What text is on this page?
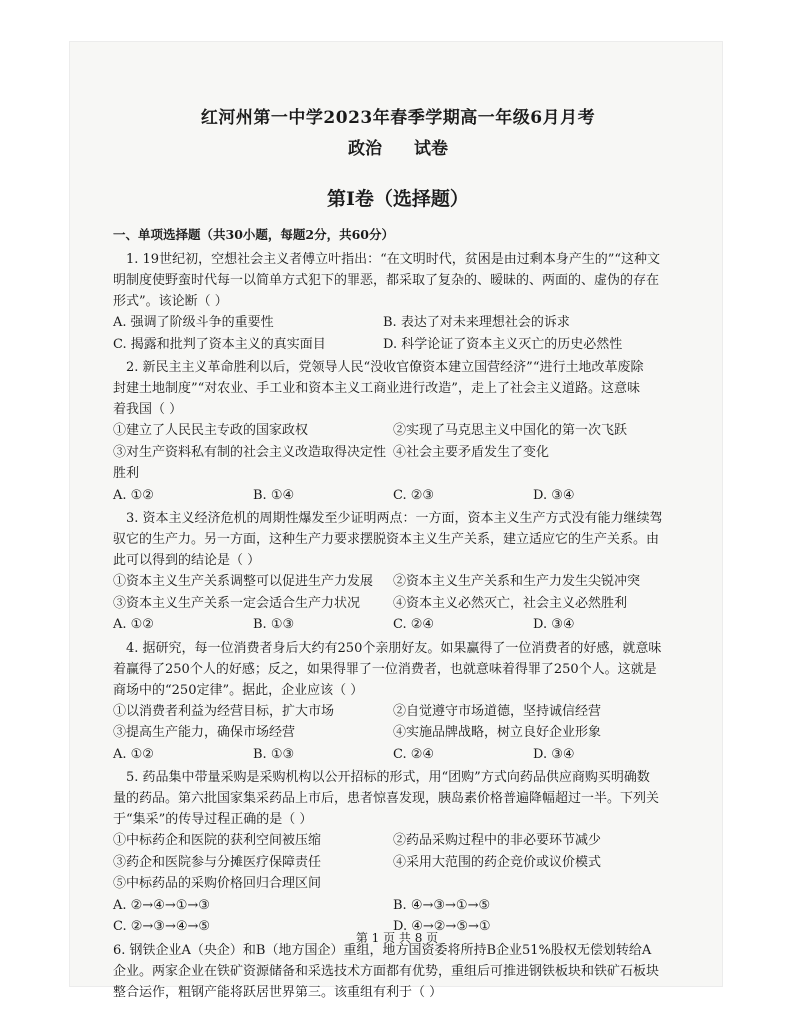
红河州第一中学2023年春季学期高一年级6月月考
政治 试卷
第Ⅰ卷（选择题）
一、单项选择题（共30小题，每题2分，共60分）

1. 19世纪初，空想社会主义者傅立叶指出：“在文明时代，贫困是由过剩本身产生的”“这种文

明制度使野蛮时代每一以简单方式犯下的罪恶，都采取了复杂的、暧昧的、两面的、虚伪的存在

形式”。该论断（ ）

A. 强调了阶级斗争的重要性	B. 表达了对未来理想社会的诉求
C. 揭露和批判了资本主义的真实面目	D. 科学论证了资本主义灭亡的历史必然性

2. 新民主主义革命胜利以后，党领导人民“没收官僚资本建立国营经济”“进行土地改革废除

封建土地制度”“对农业、手工业和资本主义工商业进行改造”，走上了社会主义道路。这意味

着我国（ ）

①建立了人民民主专政的国家政权	②实现了马克思主义中国化的第一次飞跃
③对生产资料私有制的社会主义改造取得决定性胜利
④社会主要矛盾发生了变化
A. ①②	B. ①④	C. ②③	D. ③④

3. 资本主义经济危机的周期性爆发至少证明两点：一方面，资本主义生产方式没有能力继续驾

驭它的生产力。另一方面，这种生产力要求摆脱资本主义生产关系，建立适应它的生产关系。由

此可以得到的结论是（ ）

①资本主义生产关系调整可以促进生产力发展	②资本主义生产关系和生产力发生尖锐冲突
③资本主义生产关系一定会适合生产力状况	④资本主义必然灭亡，社会主义必然胜利
A. ①②	B. ①③	C. ②④	D. ③④

4. 据研究，每一位消费者身后大约有250个亲朋好友。如果赢得了一位消费者的好感，就意味

着赢得了250个人的好感；反之，如果得罪了一位消费者，也就意味着得罪了250个人。这就是

商场中的“250定律”。据此，企业应该（ ）

①以消费者利益为经营目标，扩大市场	②自觉遵守市场道德，坚持诚信经营
③提高生产能力，确保市场经营	④实施品牌战略，树立良好企业形象
A. ①②	B. ①③	C. ②④	D. ③④

5. 药品集中带量采购是采购机构以公开招标的形式，用“团购”方式向药品供应商购买明确数

量的药品。第六批国家集采药品上市后，患者惊喜发现，胰岛素价格普遍降幅超过一半。下列关

于“集采”的传导过程正确的是（ ）

①中标药企和医院的获利空间被压缩	②药品采购过程中的非必要环节减少
③药企和医院参与分摊医疗保障责任	④采用大范围的药企竞价或议价模式
⑤中标药品的采购价格回归合理区间
A. ②→④→①→③	B. ④→③→①→⑤
C. ②→③→④→⑤	D. ④→②→⑤→①

6. 钢铁企业A（央企）和B（地方国企）重组，地方国资委将所持B企业51%股权无偿划转给A

企业。两家企业在铁矿资源储备和采选技术方面都有优势，重组后可推进钢铁板块和铁矿石板块

整合运作，粗钢产能将跃居世界第三。该重组有利于（ ）

第 1 页 共 8 页
